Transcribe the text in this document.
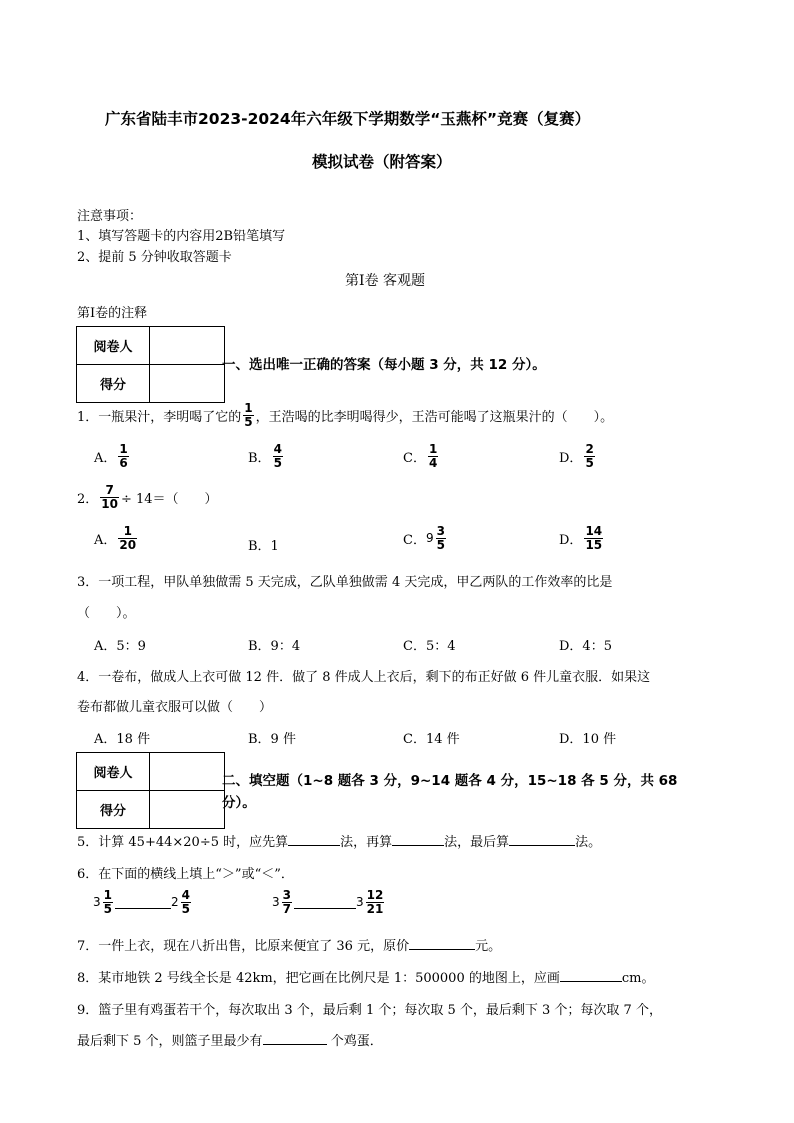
广东省陆丰市2023-2024年六年级下学期数学“玉燕杯”竞赛（复赛）
模拟试卷（附答案）
注意事项：
1、填写答题卡的内容用2B铅笔填写
2、提前 5 分钟收取答题卡
第Ⅰ卷 客观题
第Ⅰ卷的注释
阅卷人	
得分	
一、选出唯一正确的答案（每小题 3 分，共 12 分）。
1．一瓶果汁，李明喝了它的 $\frac{1}{5}$ ，王浩喝的比李明喝得少，王浩可能喝了这瓶果汁的（　　）。
A． $\frac{1}{6}$	B． $\frac{4}{5}$	C． $\frac{1}{4}$	D． $\frac{2}{5}$
2． $\frac{7}{10} \div 14=$（　　）
A． $\frac{1}{20}$	B．1	C． $9 \frac{3}{5}$	D． $\frac{14}{15}$
3．一项工程，甲队单独做需 5 天完成，乙队单独做需 4 天完成，甲乙两队的工作效率的比是
（　　）。
A．5：9	B．9：4	C．5：4	D．4：5
4．一卷布，做成人上衣可做 12 件．做了 8 件成人上衣后，剩下的布正好做 6 件儿童衣服．如果这
卷布都做儿童衣服可以做（　　）
A．18 件	B．9 件	C．14 件	D．10 件
阅卷人	
得分	
二、填空题（1~8 题各 3 分，9~14 题各 4 分，15~18 各 5 分，共 68
分）。
5．计算 45+44×20÷5 时，应先算	法，再算	法，最后算	法。
6．在下面的横线上填上“＞”或“＜”．
$3 \frac{1}{5}$	$2 \frac{4}{5}$	$3 \frac{3}{7}$	$3 \frac{12}{21}$
7．一件上衣，现在八折出售，比原来便宜了 36 元，原价	元。
8．某市地铁 2 号线全长是 42km，把它画在比例尺是 1：500000 的地图上，应画	cm。
9．篮子里有鸡蛋若干个，每次取出 3 个，最后剩 1 个；每次取 5 个，最后剩下 3 个；每次取 7 个，
最后剩下 5 个，则篮子里最少有	个鸡蛋．
